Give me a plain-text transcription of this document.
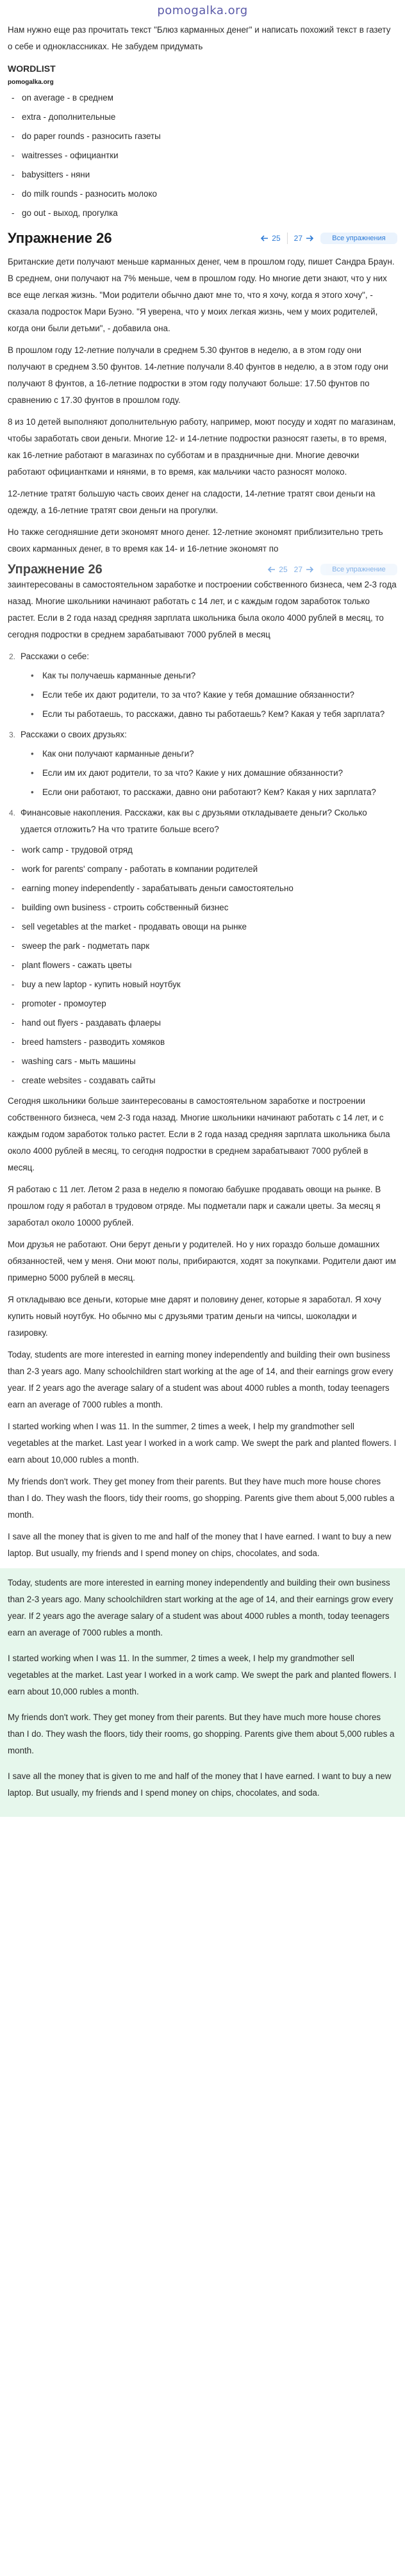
pomogalka.org

Нам нужно еще раз прочитать текст "Блюз карманных денег" и написать похожий текст в газету о себе и одноклассниках. Не забудем придумать

WORDLIST
pomogalka.org
- on average - в среднем
- extra - дополнительные
- do paper rounds - разносить газеты
- waitresses - официантки
- babysitters - няни
- do milk rounds - разносить молоко
- go out - выход, прогулка
Упражнение 26	25 27	Все упражнения

Британские дети получают меньше карманных денег, чем в прошлом году, пишет Сандра Браун. В среднем, они получают на 7% меньше, чем в прошлом году. Но многие дети знают, что у них все еще легкая жизнь. "Мои родители обычно дают мне то, что я хочу, когда я этого хочу", - сказала подросток Мари Буэно. "Я уверена, что у моих легкая жизнь, чем у моих родителей, когда они были детьми", - добавила она.

В прошлом году 12-летние получали в среднем 5.30 фунтов в неделю, а в этом году они получают в среднем 3.50 фунтов. 14-летние получали 8.40 фунтов в неделю, а в этом году они получают 8 фунтов, а 16-летние подростки в этом году получают больше: 17.50 фунтов по сравнению с 17.30 фунтов в прошлом году.

8 из 10 детей выполняют дополнительную работу, например, моют посуду и ходят по магазинам, чтобы заработать свои деньги. Многие 12- и 14-летние подростки разносят газеты, в то время, как 16-летние работают в магазинах по субботам и в праздничные дни. Многие девочки работают официантками и нянями, в то время, как мальчики часто разносят молоко.

12-летние тратят большую часть своих денег на сладости, 14-летние тратят свои деньги на одежду, а 16-летние тратят свои деньги на прогулки.

Но также сегодняшние дети экономят много денег. 12-летние экономят приблизительно треть своих карманных денег, в то время как 14- и 16-летние экономят по

Упражнение 26	25 27	Все упражнение

заинтересованы в самостоятельном заработке и построении собственного бизнеса, чем 2-3 года назад. Многие школьники начинают работать с 14 лет, и с каждым годом заработок только растет. Если в 2 года назад средняя зарплата школьника была около 4000 рублей в месяц, то сегодня подростки в среднем зарабатывают 7000 рублей в месяц

2. Расскажи о себе:
• Как ты получаешь карманные деньги?
• Если тебе их дают родители, то за что? Какие у тебя домашние обязанности?
• Если ты работаешь, то расскажи, давно ты работаешь? Кем? Какая у тебя зарплата?
3. Расскажи о своих друзьях:
• Как они получают карманные деньги?
• Если им их дают родители, то за что? Какие у них домашние обязанности?
• Если они работают, то расскажи, давно они работают? Кем? Какая у них зарплата?
4. Финансовые накопления. Расскажи, как вы с друзьями откладываете деньги? Сколько удается отложить? На что тратите больше всего?
- work camp - трудовой отряд
- work for parents' company - работать в компании родителей
- earning money independently - зарабатывать деньги самостоятельно
- building own business - строить собственный бизнес
- sell vegetables at the market - продавать овощи на рынке
- sweep the park - подметать парк
- plant flowers - сажать цветы
- buy a new laptop - купить новый ноутбук
- promoter - промоутер
- hand out flyers - раздавать флаеры
- breed hamsters - разводить хомяков
- washing cars - мыть машины
- create websites - создавать сайты

Сегодня школьники больше заинтересованы в самостоятельном заработке и построении собственного бизнеса, чем 2-3 года назад. Многие школьники начинают работать с 14 лет, и с каждым годом заработок только растет. Если в 2 года назад средняя зарплата школьника была около 4000 рублей в месяц, то сегодня подростки в среднем зарабатывают 7000 рублей в месяц.

Я работаю с 11 лет. Летом 2 раза в неделю я помогаю бабушке продавать овощи на рынке. В прошлом году я работал в трудовом отряде. Мы подметали парк и сажали цветы. За месяц я заработал около 10000 рублей.

Мои друзья не работают. Они берут деньги у родителей. Но у них гораздо больше домашних обязанностей, чем у меня. Они моют полы, прибираются, ходят за покупками. Родители дают им примерно 5000 рублей в месяц.

Я откладываю все деньги, которые мне дарят и половину денег, которые я заработал. Я хочу купить новый ноутбук. Но обычно мы с друзьями тратим деньги на чипсы, шоколадки и газировку.

Today, students are more interested in earning money independently and building their own business than 2-3 years ago. Many schoolchildren start working at the age of 14, and their earnings grow every year. If 2 years ago the average salary of a student was about 4000 rubles a month, today teenagers earn an average of 7000 rubles a month.

I started working when I was 11. In the summer, 2 times a week, I help my grandmother sell vegetables at the market. Last year I worked in a work camp. We swept the park and planted flowers. I earn about 10,000 rubles a month.

My friends don't work. They get money from their parents. But they have much more house chores than I do. They wash the floors, tidy their rooms, go shopping. Parents give them about 5,000 rubles a month.

I save all the money that is given to me and half of the money that I have earned. I want to buy a new laptop. But usually, my friends and I spend money on chips, chocolates, and soda.

Today, students are more interested in earning money independently and building their own business than 2-3 years ago. Many schoolchildren start working at the age of 14, and their earnings grow every year. If 2 years ago the average salary of a student was about 4000 rubles a month, today teenagers earn an average of 7000 rubles a month.

I started working when I was 11. In the summer, 2 times a week, I help my grandmother sell vegetables at the market. Last year I worked in a work camp. We swept the park and planted flowers. I earn about 10,000 rubles a month.

My friends don't work. They get money from their parents. But they have much more house chores than I do. They wash the floors, tidy their rooms, go shopping. Parents give them about 5,000 rubles a month.

I save all the money that is given to me and half of the money that I have earned. I want to buy a new laptop. But usually, my friends and I spend money on chips, chocolates, and soda.
